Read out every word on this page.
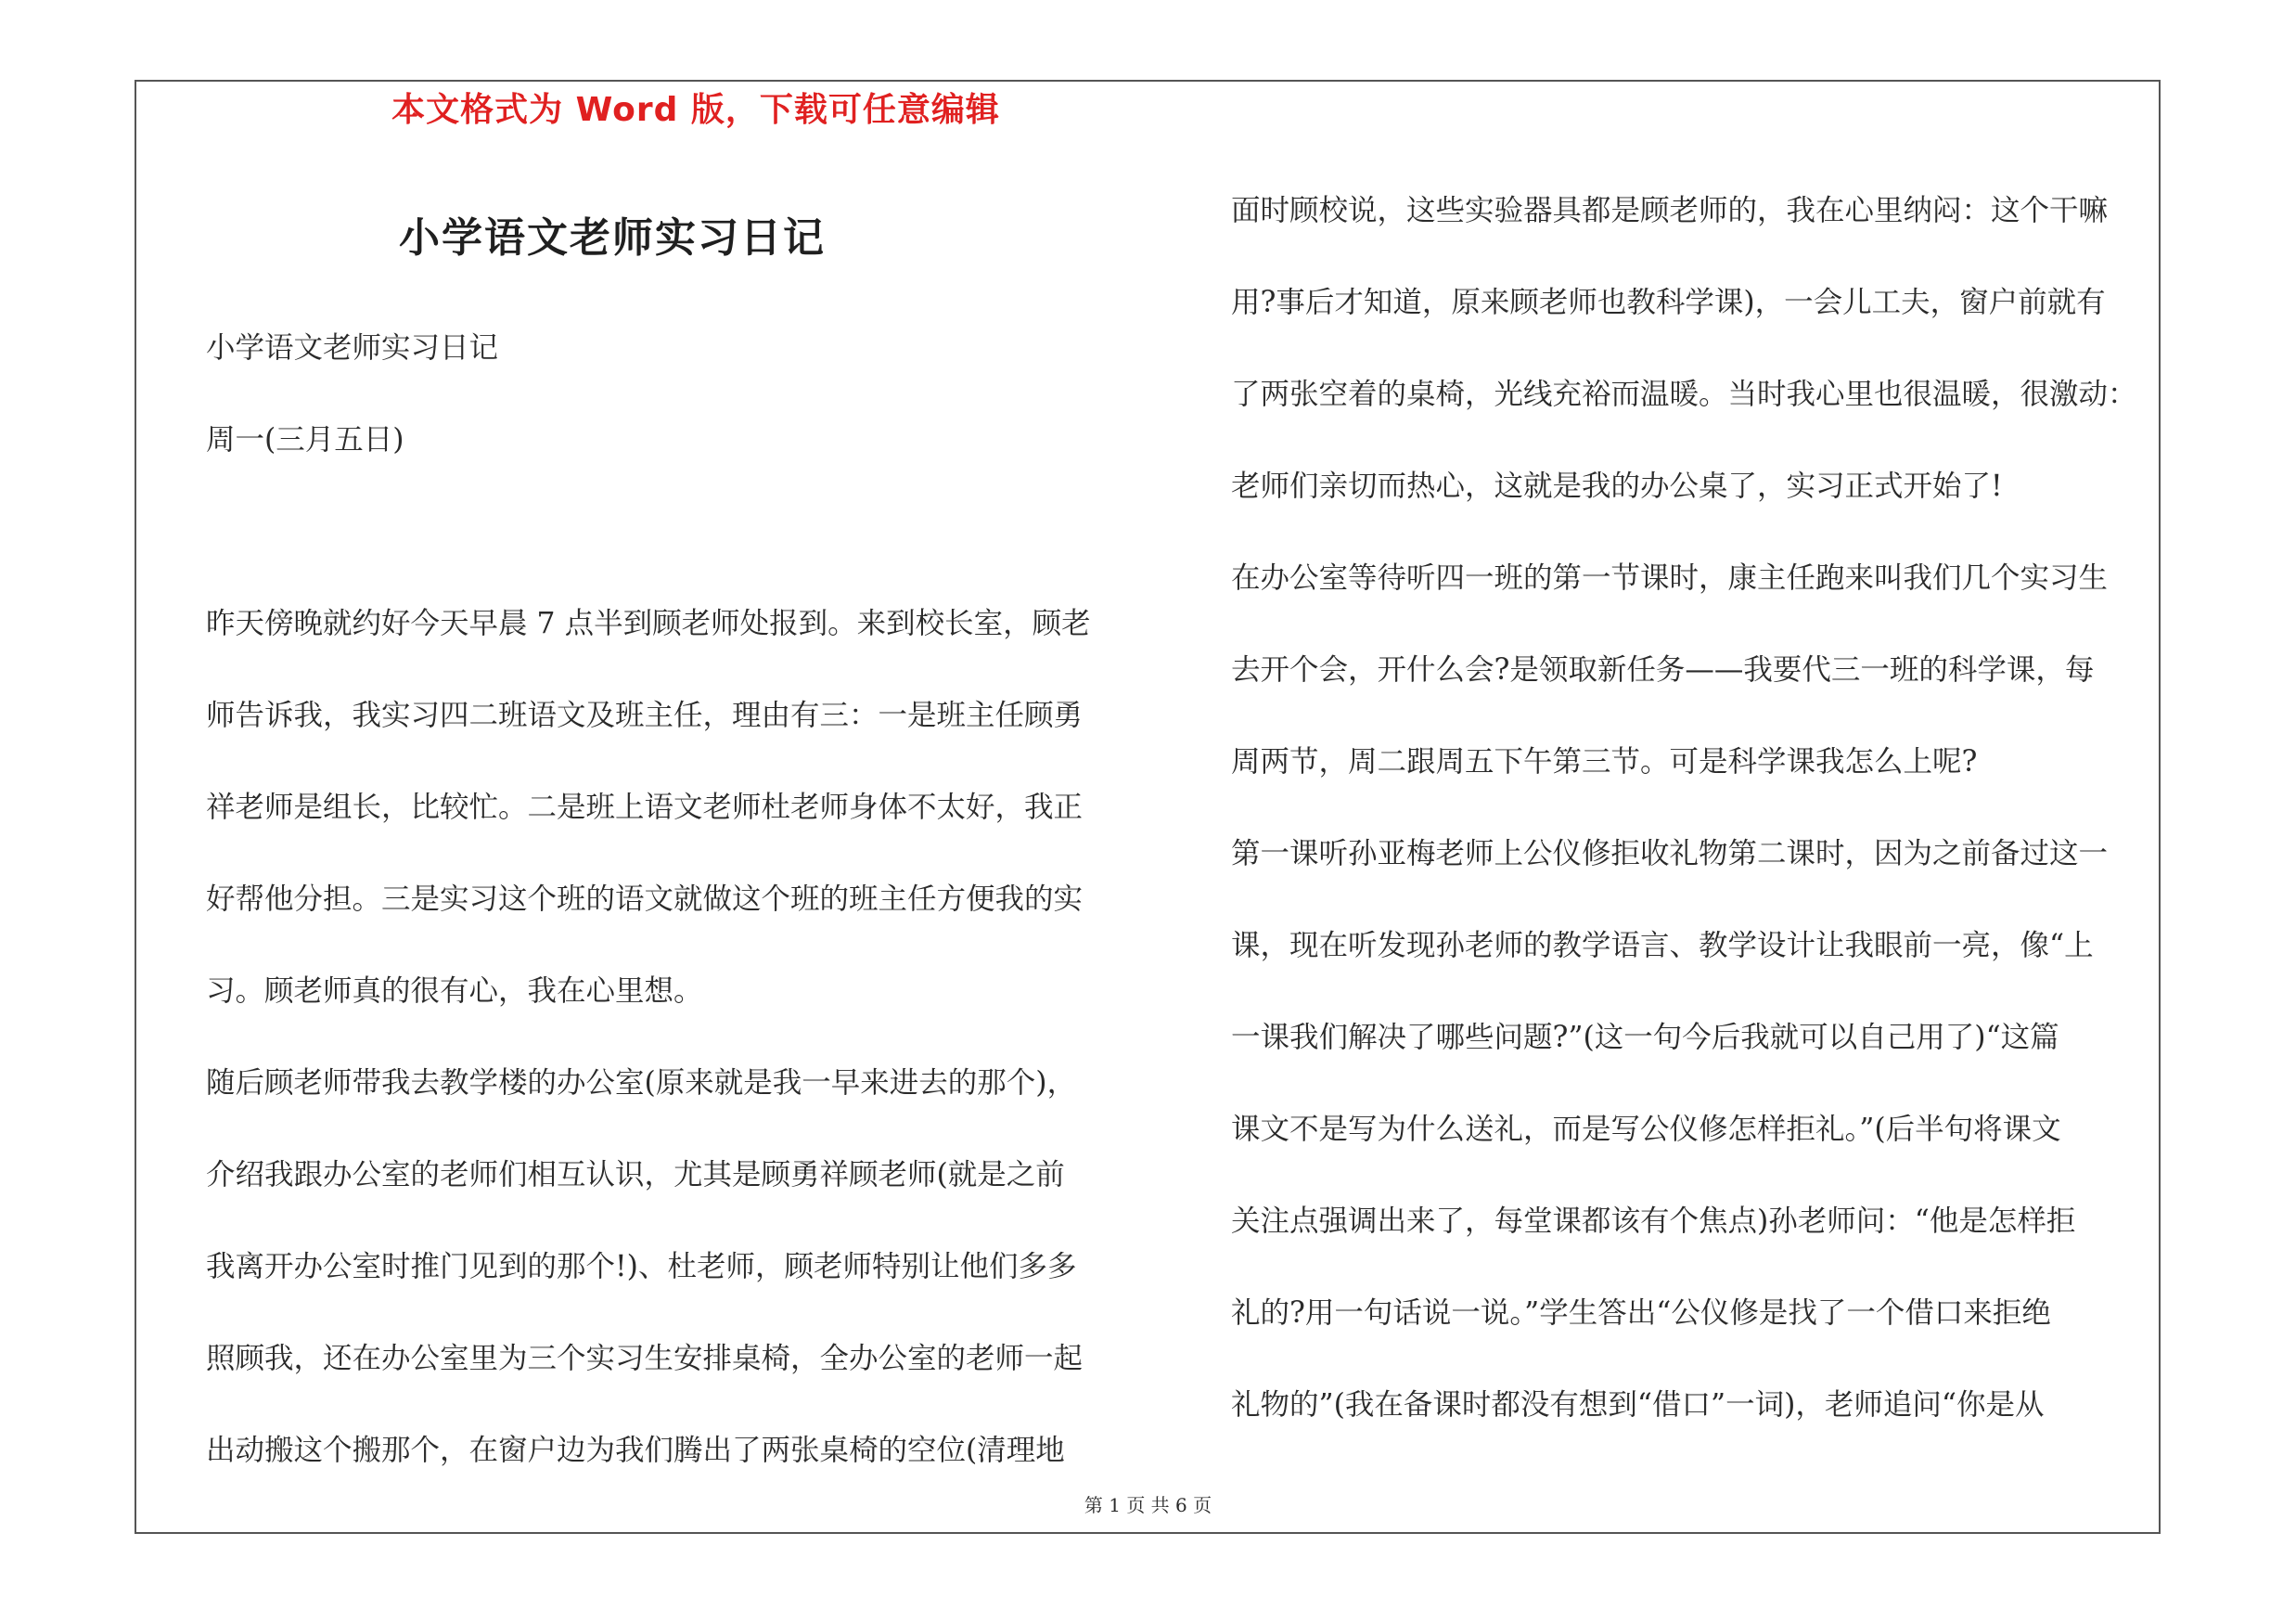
本文格式为 Word 版，下载可任意编辑
小学语文老师实习日记
小学语文老师实习日记
周一(三月五日)
昨天傍晚就约好今天早晨 7 点半到顾老师处报到。来到校长室，顾老
师告诉我，我实习四二班语文及班主任，理由有三：一是班主任顾勇
祥老师是组长，比较忙。二是班上语文老师杜老师身体不太好，我正
好帮他分担。三是实习这个班的语文就做这个班的班主任方便我的实
习。顾老师真的很有心，我在心里想。
随后顾老师带我去教学楼的办公室(原来就是我一早来进去的那个)，
介绍我跟办公室的老师们相互认识，尤其是顾勇祥顾老师(就是之前
我离开办公室时推门见到的那个!)、杜老师，顾老师特别让他们多多
照顾我，还在办公室里为三个实习生安排桌椅，全办公室的老师一起
出动搬这个搬那个，在窗户边为我们腾出了两张桌椅的空位(清理地
面时顾校说，这些实验器具都是顾老师的，我在心里纳闷：这个干嘛
用?事后才知道，原来顾老师也教科学课)，一会儿工夫，窗户前就有
了两张空着的桌椅，光线充裕而温暖。当时我心里也很温暖，很激动：
老师们亲切而热心，这就是我的办公桌了，实习正式开始了!
在办公室等待听四一班的第一节课时，康主任跑来叫我们几个实习生
去开个会，开什么会?是领取新任务——我要代三一班的科学课，每
周两节，周二跟周五下午第三节。可是科学课我怎么上呢?
第一课听孙亚梅老师上公仪修拒收礼物第二课时，因为之前备过这一
课，现在听发现孙老师的教学语言、教学设计让我眼前一亮，像“上
一课我们解决了哪些问题?”(这一句今后我就可以自己用了)“这篇
课文不是写为什么送礼，而是写公仪修怎样拒礼。”(后半句将课文
关注点强调出来了，每堂课都该有个焦点)孙老师问：“他是怎样拒
礼的?用一句话说一说。”学生答出“公仪修是找了一个借口来拒绝
礼物的”(我在备课时都没有想到“借口”一词)，老师追问“你是从
第 1 页 共 6 页
